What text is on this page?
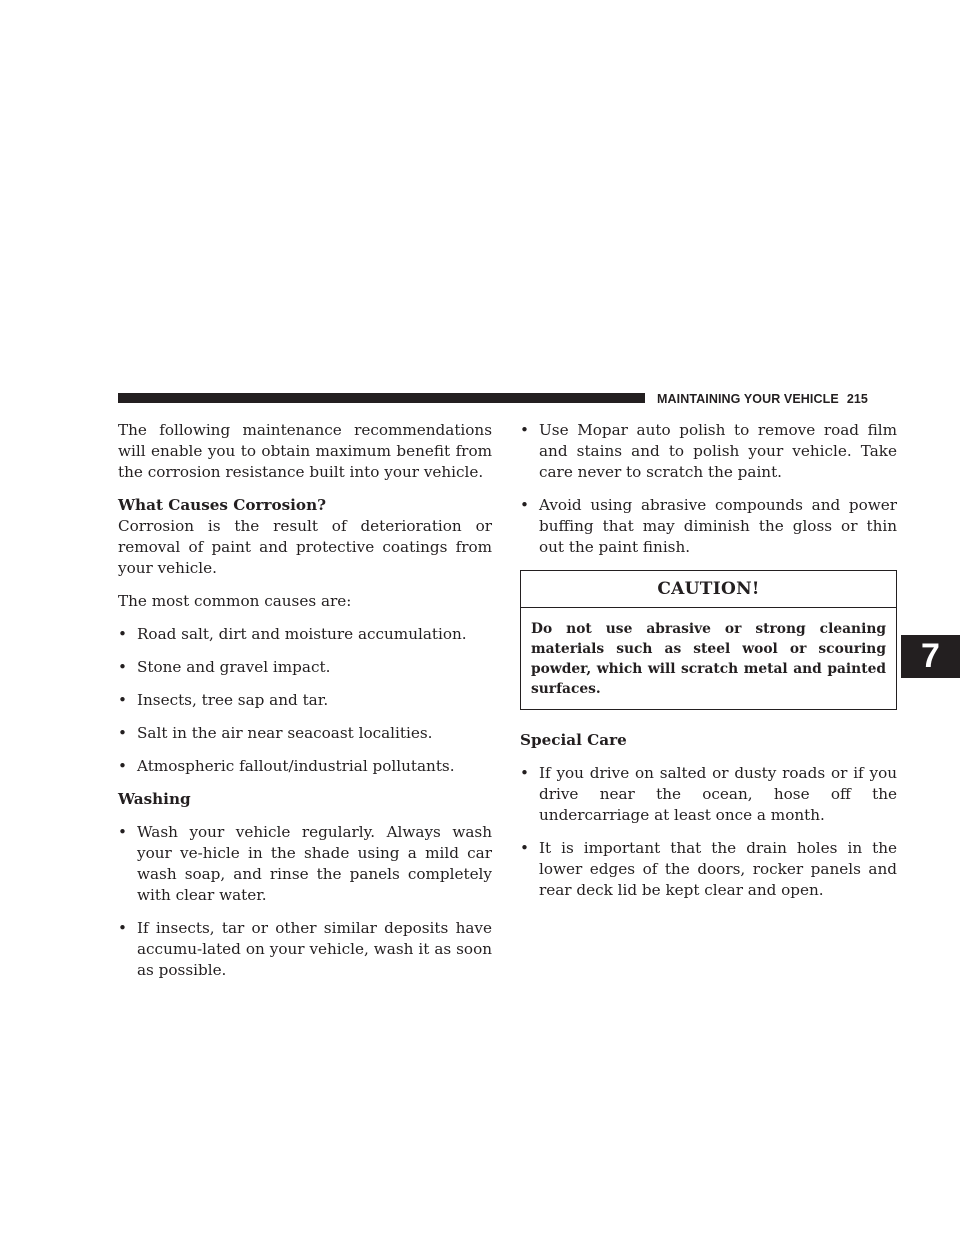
MAINTAINING YOUR VEHICLE 215
7

The following maintenance recommendations will enable you to obtain maximum benefit from the corrosion resistance built into your vehicle.

What Causes Corrosion?

Corrosion is the result of deterioration or removal of paint and protective coatings from your vehicle.

The most common causes are:

• Road salt, dirt and moisture accumulation.
• Stone and gravel impact.
• Insects, tree sap and tar.
• Salt in the air near seacoast localities.
• Atmospheric fallout/industrial pollutants.

Washing

• Wash your vehicle regularly. Always wash your ve-hicle in the shade using a mild car wash soap, and rinse the panels completely with clear water.
• If insects, tar or other similar deposits have accumu-lated on your vehicle, wash it as soon as possible.
• Use Mopar auto polish to remove road film and stains and to polish your vehicle. Take care never to scratch the paint.
• Avoid using abrasive compounds and power buffing that may diminish the gloss or thin out the paint finish.
CAUTION!
Do not use abrasive or strong cleaning materials such as steel wool or scouring powder, which will scratch metal and painted surfaces.

Special Care

• If you drive on salted or dusty roads or if you drive near the ocean, hose off the undercarriage at least once a month.
• It is important that the drain holes in the lower edges of the doors, rocker panels and rear deck lid be kept clear and open.
